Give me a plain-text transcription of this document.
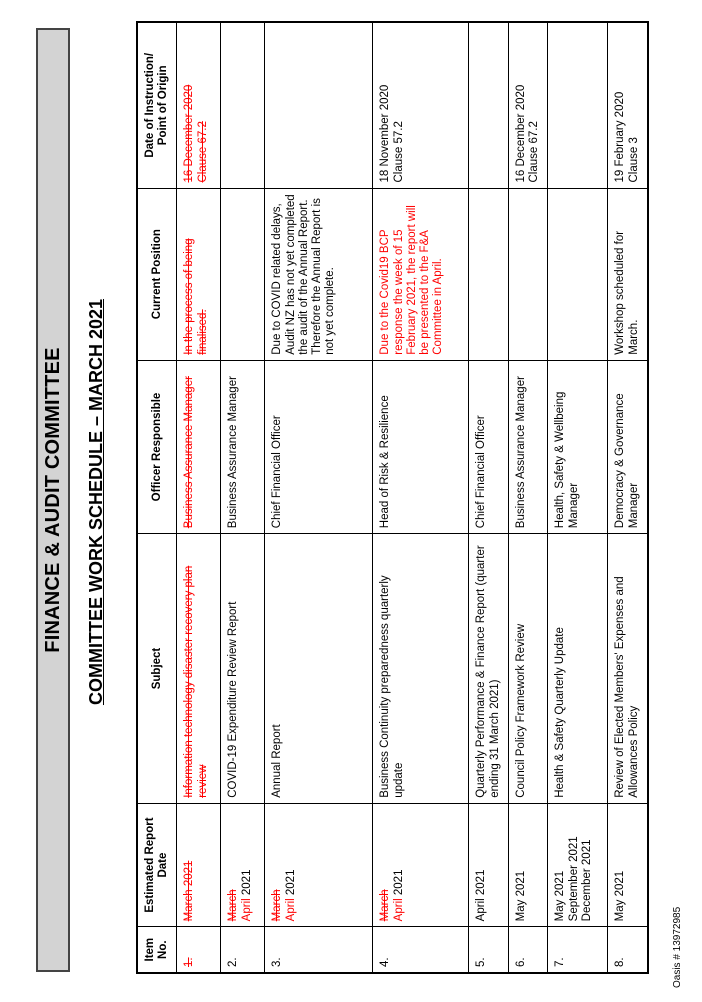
FINANCE & AUDIT COMMITTEE COMMITTEE WORK SCHEDULE – MARCH 2021
Item No.	Estimated Report Date	Subject	Officer Responsible	Current Position	Date of Instruction/ Point of Origin

1.	March 2021	Information technology disaster recovery plan review	Business Assurance Manager	In the process of being finalised.	16 December 2020 Clause 67.2

2.	March April 2021	COVID-19 Expenditure Review Report	Business Assurance Manager		

3.	March April 2021	Annual Report	Chief Financial Officer	Due to COVID related delays, Audit NZ has not yet completed the audit of the Annual Report. Therefore the Annual Report is not yet complete.	

4.	March April 2021	Business Continuity preparedness quarterly update	Head of Risk & Resilience	Due to the Covid19 BCP response the week of 15 February 2021, the report will be presented to the F&A Committee in April.	18 November 2020 Clause 57.2

5.	April 2021	Quarterly Performance & Finance Report (quarter ending 31 March 2021)	Chief Financial Officer		

6.	May 2021	Council Policy Framework Review	Business Assurance Manager		16 December 2020 Clause 67.2

7.	May 2021 September 2021 December 2021	Health & Safety Quarterly Update	Health, Safety & Wellbeing Manager		

8.	May 2021	Review of Elected Members' Expenses and Allowances Policy	Democracy & Governance Manager	Workshop scheduled for March.	19 February 2020 Clause 3
Oasis # 13972985
